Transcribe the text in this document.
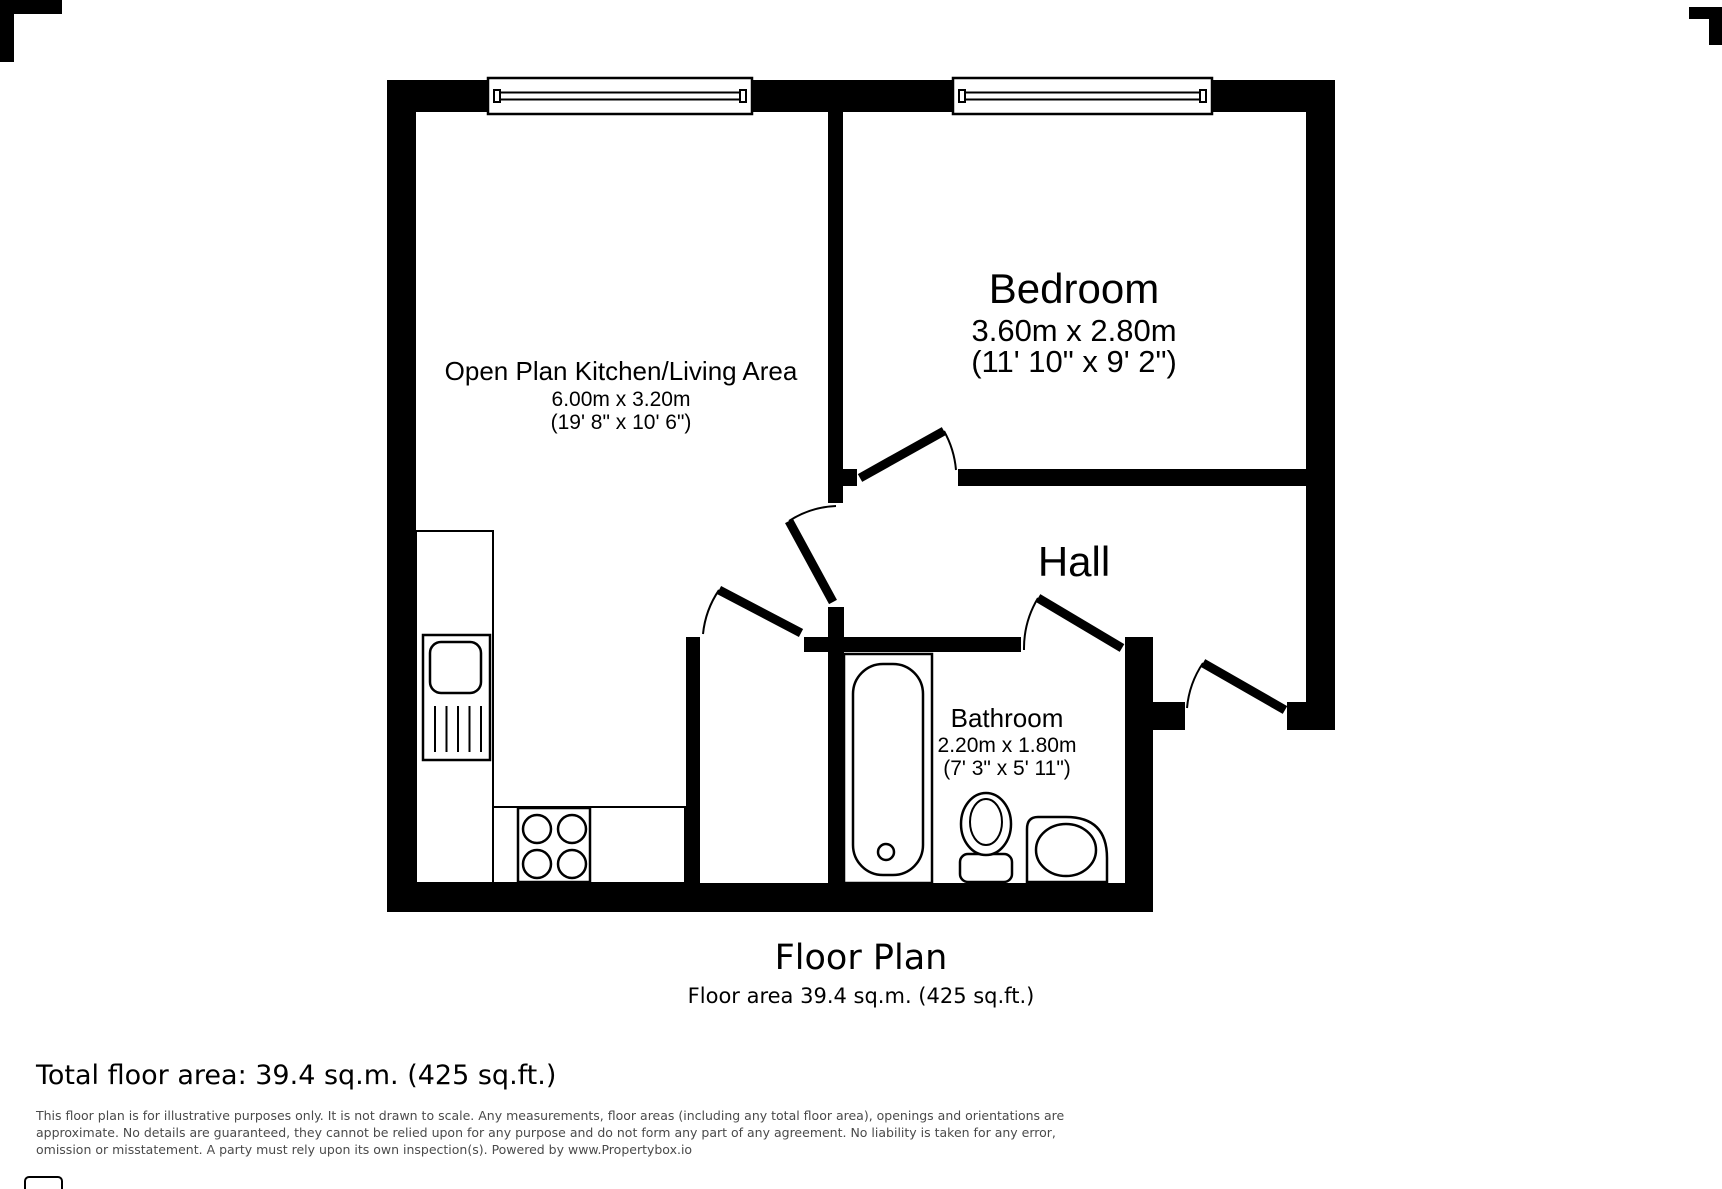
Open Plan Kitchen/Living Area
6.00m x 3.20m
(19' 8" x 10' 6")
Bedroom
3.60m x 2.80m
(11' 10" x 9' 2")
Hall
Bathroom
2.20m x 1.80m
(7' 3" x 5' 11")
Floor Plan
Floor area 39.4 sq.m. (425 sq.ft.)
Total floor area: 39.4 sq.m. (425 sq.ft.)
This floor plan is for illustrative purposes only. It is not drawn to scale. Any measurements, floor areas (including any total floor area), openings and orientations are
approximate. No details are guaranteed, they cannot be relied upon for any purpose and do not form any part of any agreement. No liability is taken for any error,
omission or misstatement. A party must rely upon its own inspection(s). Powered by www.Propertybox.io
